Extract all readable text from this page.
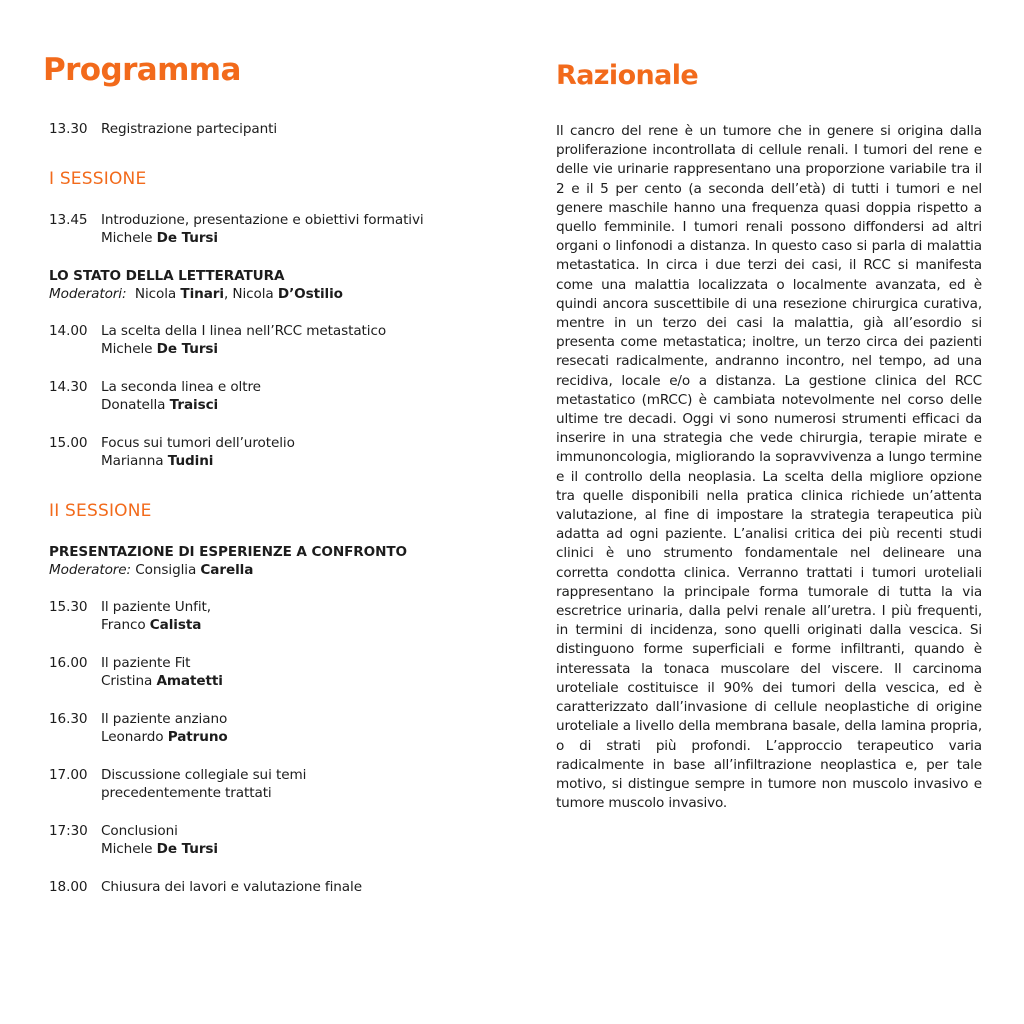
Programma
13.30 Registrazione partecipanti
I SESSIONE
13.45 Introduzione, presentazione e obiettivi formativi
Michele De Tursi
LO STATO DELLA LETTERATURA
Moderatori: Nicola Tinari, Nicola D’Ostilio
14.00 La scelta della I linea nell’RCC metastatico
Michele De Tursi
14.30 La seconda linea e oltre
Donatella Traisci
15.00 Focus sui tumori dell’urotelio
Marianna Tudini
II SESSIONE
PRESENTAZIONE DI ESPERIENZE A CONFRONTO
Moderatore: Consiglia Carella
15.30 Il paziente Unfit,
Franco Calista
16.00 Il paziente Fit
Cristina Amatetti
16.30 Il paziente anziano
Leonardo Patruno
17.00 Discussione collegiale sui temi
precedentemente trattati
17:30 Conclusioni
Michele De Tursi
18.00 Chiusura dei lavori e valutazione finale
Razionale

Il cancro del rene è un tumore che in genere si origina dalla proliferazione incontrollata di cellule renali. I tumori del rene e delle vie urinarie rappresentano una proporzione variabile tra il 2 e il 5 per cento (a seconda dell’età) di tutti i tumori e nel genere maschile hanno una frequenza quasi doppia rispetto a quello femminile. I tumori renali possono diffondersi ad altri organi o linfonodi a distanza. In questo caso si parla di malattia metastatica. In circa i due terzi dei casi, il RCC si manifesta come una malattia localizzata o localmente avanzata, ed è quindi ancora suscettibile di una resezione chirurgica curativa, mentre in un terzo dei casi la malattia, già all’esordio si presenta come metastatica; inoltre, un terzo circa dei pazienti resecati radicalmente, andranno incontro, nel tempo, ad una recidiva, locale e/o a distanza. La gestione clinica del RCC metastatico (mRCC) è cambiata notevolmente nel corso delle ultime tre decadi. Oggi vi sono numerosi strumenti efficaci da inserire in una strategia che vede chirurgia, terapie mirate e immunoncologia, migliorando la sopravvivenza a lungo termine e il controllo della neoplasia. La scelta della migliore opzione tra quelle disponibili nella pratica clinica richiede un’attenta valutazione, al fine di impostare la strategia terapeutica più adatta ad ogni paziente. L’analisi critica dei più recenti studi clinici è uno strumento fondamentale nel delineare una corretta condotta clinica. Verranno trattati i tumori uroteliali rappresentano la principale forma tumorale di tutta la via escretrice urinaria, dalla pelvi renale all’uretra. I più frequenti, in termini di incidenza, sono quelli originati dalla vescica. Si distinguono forme superficiali e forme infiltranti, quando è interessata la tonaca muscolare del viscere. Il carcinoma uroteliale costituisce il 90% dei tumori della vescica, ed è caratterizzato dall’invasione di cellule neoplastiche di origine uroteliale a livello della membrana basale, della lamina propria, o di strati più profondi. L’approccio terapeutico varia radicalmente in base all’infiltrazione neoplastica e, per tale motivo, si distingue sempre in tumore non muscolo invasivo e tumore muscolo invasivo.
